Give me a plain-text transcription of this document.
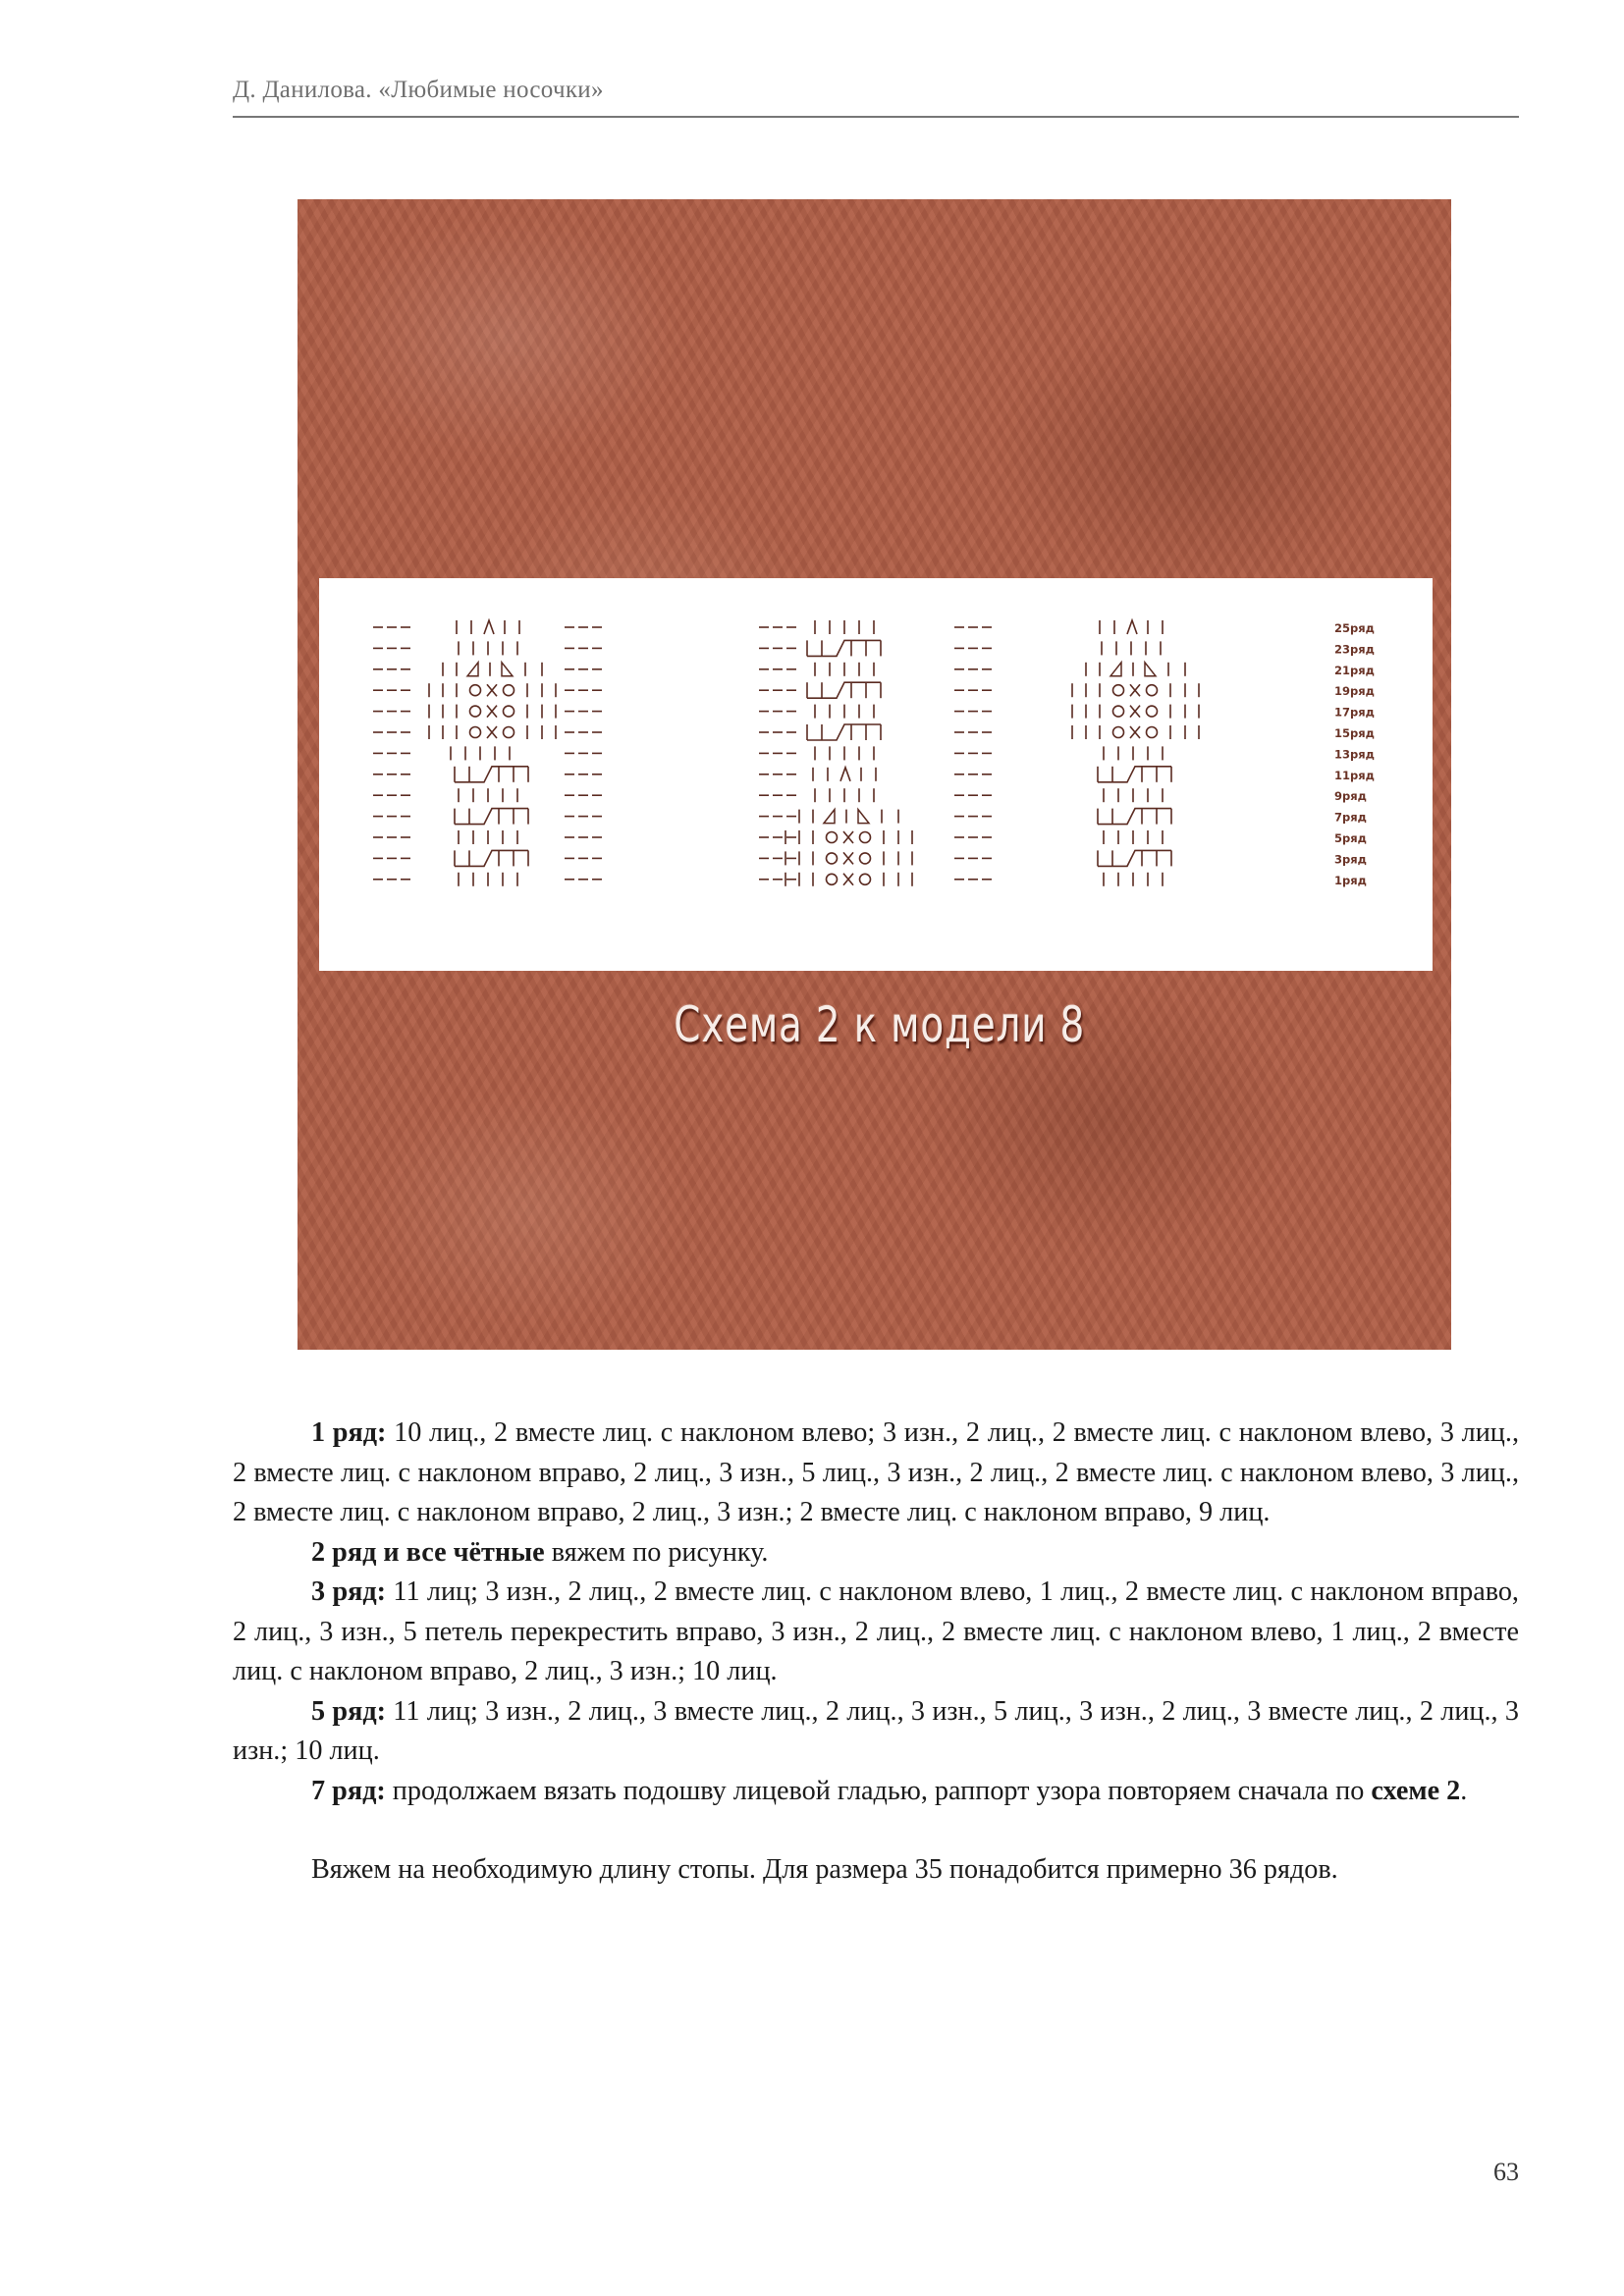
Д. Данилова. «Любимые носочки»
25ряд
23ряд
21ряд
19ряд
17ряд
15ряд
13ряд
11ряд
9ряд
7ряд
5ряд
3ряд
1ряд
Схема 2 к модели 8

1 ряд: 10 лиц., 2 вместе лиц. с наклоном влево; 3 изн., 2 лиц., 2 вместе лиц. с наклоном влево, 3 лиц., 2 вместе лиц. с наклоном вправо, 2 лиц., 3 изн., 5 лиц., 3 изн., 2 лиц., 2 вместе лиц. с наклоном влево, 3 лиц., 2 вместе лиц. с наклоном вправо, 2 лиц., 3 изн.; 2 вместе лиц. с наклоном вправо, 9 лиц.

2 ряд и все чётные вяжем по рисунку.

3 ряд: 11 лиц; 3 изн., 2 лиц., 2 вместе лиц. с наклоном влево, 1 лиц., 2 вместе лиц. с наклоном вправо, 2 лиц., 3 изн., 5 петель перекрестить вправо, 3 изн., 2 лиц., 2 вместе лиц. с наклоном влево, 1 лиц., 2 вместе лиц. с наклоном вправо, 2 лиц., 3 изн.; 10 лиц.

5 ряд: 11 лиц; 3 изн., 2 лиц., 3 вместе лиц., 2 лиц., 3 изн., 5 лиц., 3 изн., 2 лиц., 3 вместе лиц., 2 лиц., 3 изн.; 10 лиц.

7 ряд: продолжаем вязать подошву лицевой гладью, раппорт узора повторяем сначала по схеме 2.

Вяжем на необходимую длину стопы. Для размера 35 понадобится примерно 36 рядов.

63
